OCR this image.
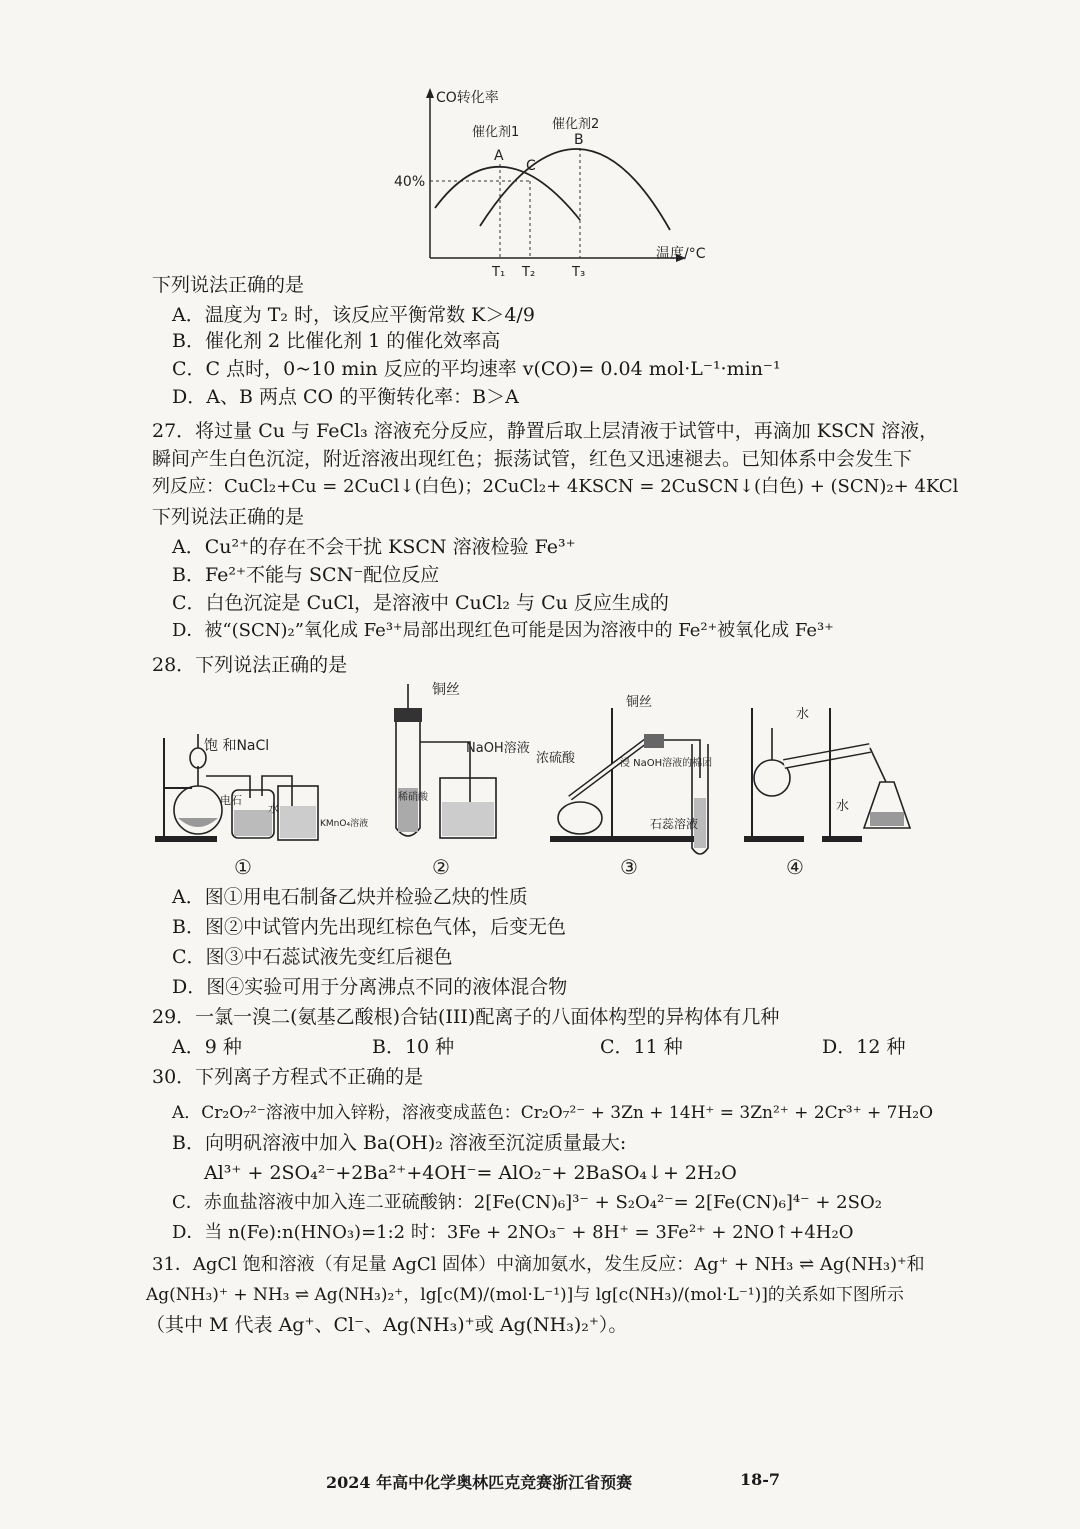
CO转化率
温度/°C
40%
催化剂1
催化剂2
A
B
C
T₁ T₂	T₃
下列说法正确的是
A．温度为 T₂ 时，该反应平衡常数 K＞4/9
B．催化剂 2 比催化剂 1 的催化效率高
C．C 点时，0~10 min 反应的平均速率 v(CO)= 0.04 mol·L⁻¹·min⁻¹
D．A、B 两点 CO 的平衡转化率：B＞A
27．将过量 Cu 与 FeCl₃ 溶液充分反应，静置后取上层清液于试管中，再滴加 KSCN 溶液，
瞬间产生白色沉淀，附近溶液出现红色；振荡试管，红色又迅速褪去。已知体系中会发生下
列反应：CuCl₂+Cu = 2CuCl↓(白色)；2CuCl₂+ 4KSCN = 2CuSCN↓(白色) + (SCN)₂+ 4KCl
下列说法正确的是
A．Cu²⁺的存在不会干扰 KSCN 溶液检验 Fe³⁺
B．Fe²⁺不能与 SCN⁻配位反应
C．白色沉淀是 CuCl，是溶液中 CuCl₂ 与 Cu 反应生成的
D．被“(SCN)₂”氧化成 Fe³⁺局部出现红色可能是因为溶液中的 Fe²⁺被氧化成 Fe³⁺
28．下列说法正确的是
饱 和NaCl
电石
水
KMnO₄溶液
铜丝
NaOH溶液
稀硝酸
铜丝
浓硫酸	浸 NaOH溶液的棉团
石蕊溶液
水
水
①	②	③	④
A．图①用电石制备乙炔并检验乙炔的性质
B．图②中试管内先出现红棕色气体，后变无色
C．图③中石蕊试液先变红后褪色
D．图④实验可用于分离沸点不同的液体混合物
29．一氯一溴二(氨基乙酸根)合钴(III)配离子的八面体构型的异构体有几种
A．9 种	B．10 种	C．11 种	D．12 种
30．下列离子方程式不正确的是
A．Cr₂O₇²⁻溶液中加入锌粉，溶液变成蓝色：Cr₂O₇²⁻ + 3Zn + 14H⁺ = 3Zn²⁺ + 2Cr³⁺ + 7H₂O
B．向明矾溶液中加入 Ba(OH)₂ 溶液至沉淀质量最大:
Al³⁺ + 2SO₄²⁻+2Ba²⁺+4OH⁻= AlO₂⁻+ 2BaSO₄↓+ 2H₂O
C．赤血盐溶液中加入连二亚硫酸钠：2[Fe(CN)₆]³⁻ + S₂O₄²⁻= 2[Fe(CN)₆]⁴⁻ + 2SO₂
D．当 n(Fe):n(HNO₃)=1:2 时：3Fe + 2NO₃⁻ + 8H⁺ = 3Fe²⁺ + 2NO↑+4H₂O
31．AgCl 饱和溶液（有足量 AgCl 固体）中滴加氨水，发生反应：Ag⁺ + NH₃ ⇌ Ag(NH₃)⁺和
Ag(NH₃)⁺ + NH₃ ⇌ Ag(NH₃)₂⁺，lg[c(M)/(mol·L⁻¹)]与 lg[c(NH₃)/(mol·L⁻¹)]的关系如下图所示
（其中 M 代表 Ag⁺、Cl⁻、Ag(NH₃)⁺或 Ag(NH₃)₂⁺）。
2024 年高中化学奥林匹克竞赛浙江省预赛	18-7
